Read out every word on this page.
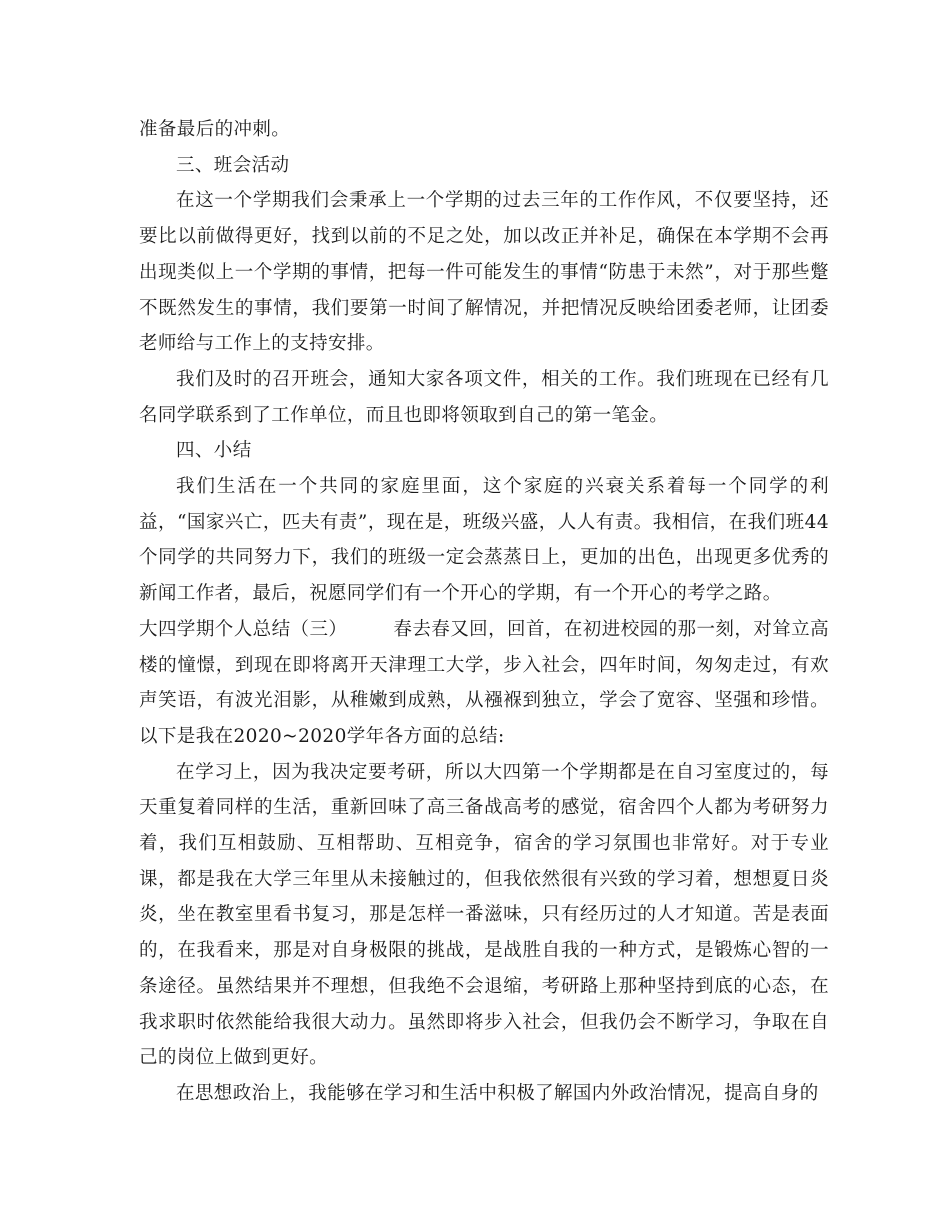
准备最后的冲刺。

三、班会活动

在这一个学期我们会秉承上一个学期的过去三年的工作作风，不仅要坚持，还要比以前做得更好，找到以前的不足之处，加以改正并补足，确保在本学期不会再出现类似上一个学期的事情，把每一件可能发生的事情“防患于未然”，对于那些蹩不既然发生的事情，我们要第一时间了解情况，并把情况反映给团委老师，让团委老师给与工作上的支持安排。

我们及时的召开班会，通知大家各项文件，相关的工作。我们班现在已经有几名同学联系到了工作单位，而且也即将领取到自己的第一笔金。

四、小结

我们生活在一个共同的家庭里面，这个家庭的兴衰关系着每一个同学的利益，“国家兴亡，匹夫有责”，现在是，班级兴盛，人人有责。我相信，在我们班44个同学的共同努力下，我们的班级一定会蒸蒸日上，更加的出色，出现更多优秀的新闻工作者，最后，祝愿同学们有一个开心的学期，有一个开心的考学之路。

大四学期个人总结（三） 春去春又回，回首，在初进校园的那一刻，对耸立高楼的憧憬，到现在即将离开天津理工大学，步入社会，四年时间，匆匆走过，有欢声笑语，有波光泪影，从稚嫩到成熟，从襁褓到独立，学会了宽容、坚强和珍惜。以下是我在2020~2020学年各方面的总结:

在学习上，因为我决定要考研，所以大四第一个学期都是在自习室度过的，每天重复着同样的生活，重新回味了高三备战高考的感觉，宿舍四个人都为考研努力着，我们互相鼓励、互相帮助、互相竞争，宿舍的学习氛围也非常好。对于专业课，都是我在大学三年里从未接触过的，但我依然很有兴致的学习着，想想夏日炎炎，坐在教室里看书复习，那是怎样一番滋味，只有经历过的人才知道。苦是表面的，在我看来，那是对自身极限的挑战，是战胜自我的一种方式，是锻炼心智的一条途径。虽然结果并不理想，但我绝不会退缩，考研路上那种坚持到底的心态，在我求职时依然能给我很大动力。虽然即将步入社会，但我仍会不断学习，争取在自己的岗位上做到更好。

在思想政治上，我能够在学习和生活中积极了解国内外政治情况，提高自身的
